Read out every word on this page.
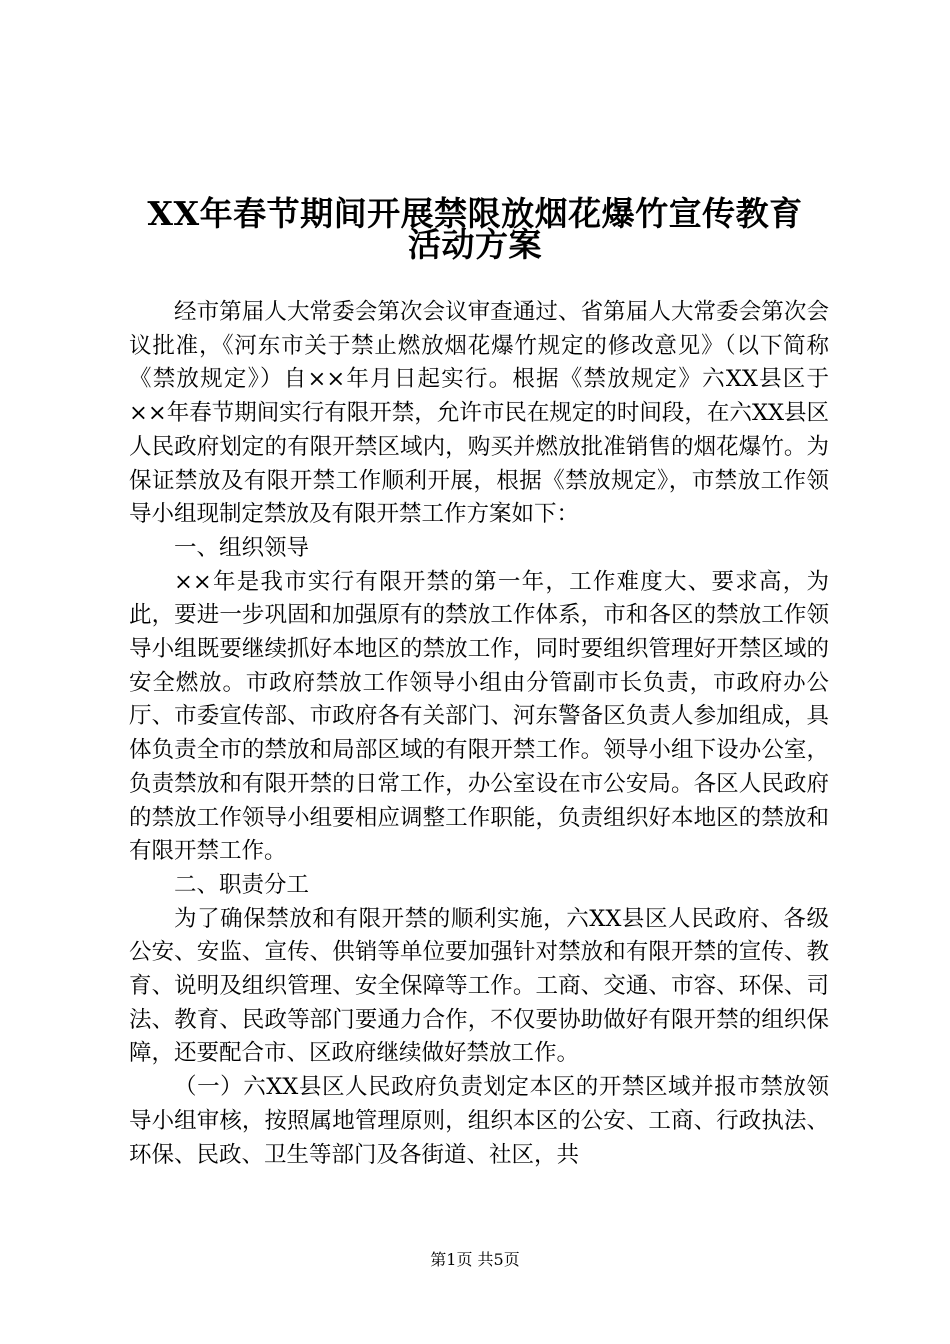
XX年春节期间开展禁限放烟花爆竹宣传教育
活动方案

经市第届人大常委会第次会议审查通过、省第届人大常委会第次会议批准，《河东市关于禁止燃放烟花爆竹规定的修改意见》（以下简称《禁放规定》）自××年月日起实行。根据《禁放规定》六XX县区于××年春节期间实行有限开禁，允许市民在规定的时间段，在六XX县区人民政府划定的有限开禁区域内，购买并燃放批准销售的烟花爆竹。为保证禁放及有限开禁工作顺利开展，根据《禁放规定》，市禁放工作领导小组现制定禁放及有限开禁工作方案如下：

一、组织领导

××年是我市实行有限开禁的第一年，工作难度大、要求高，为此，要进一步巩固和加强原有的禁放工作体系，市和各区的禁放工作领导小组既要继续抓好本地区的禁放工作，同时要组织管理好开禁区域的安全燃放。市政府禁放工作领导小组由分管副市长负责，市政府办公厅、市委宣传部、市政府各有关部门、河东警备区负责人参加组成，具体负责全市的禁放和局部区域的有限开禁工作。领导小组下设办公室，负责禁放和有限开禁的日常工作，办公室设在市公安局。各区人民政府的禁放工作领导小组要相应调整工作职能，负责组织好本地区的禁放和有限开禁工作。

二、职责分工

为了确保禁放和有限开禁的顺利实施，六XX县区人民政府、各级公安、安监、宣传、供销等单位要加强针对禁放和有限开禁的宣传、教育、说明及组织管理、安全保障等工作。工商、交通、市容、环保、司法、教育、民政等部门要通力合作，不仅要协助做好有限开禁的组织保障，还要配合市、区政府继续做好禁放工作。

（一）六XX县区人民政府负责划定本区的开禁区域并报市禁放领导小组审核，按照属地管理原则，组织本区的公安、工商、行政执法、环保、民政、卫生等部门及各街道、社区，共

第1页 共5页
